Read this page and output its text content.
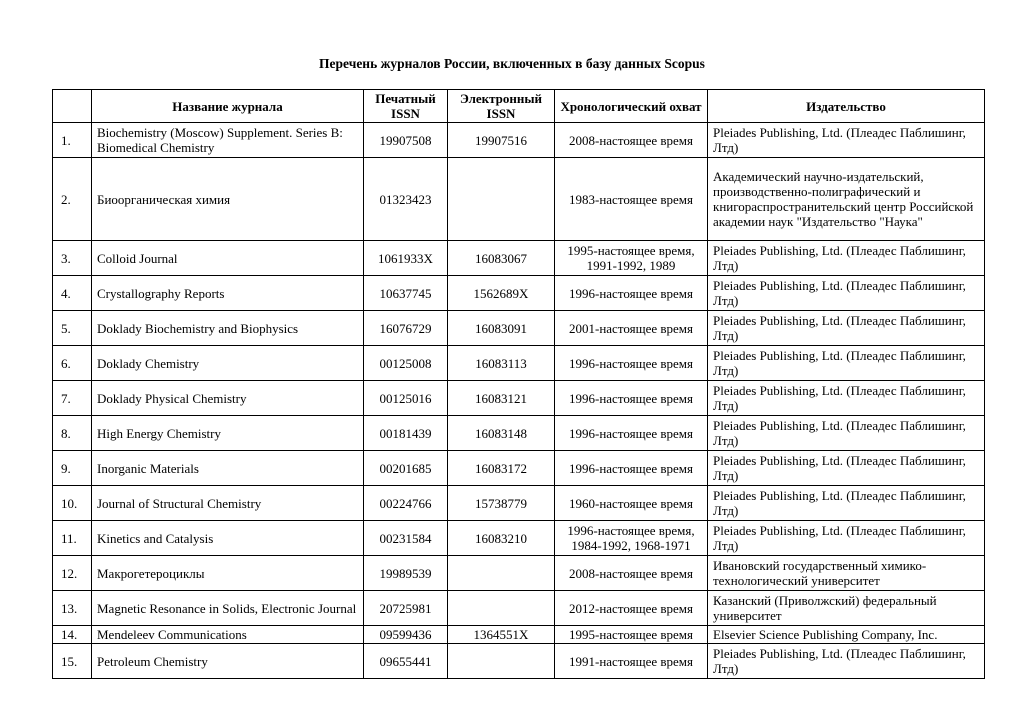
Перечень журналов России, включенных в базу данных Scopus
	Название журнала	Печатный ISSN	Электронный ISSN	Хронологический охват	Издательство
1.	Biochemistry (Moscow) Supplement. Series B: Biomedical Chemistry	19907508	19907516	2008-настоящее время	Pleiades Publishing, Ltd. (Плеадес Паблишинг, Лтд)
2.	Биоорганическая химия	01323423		1983-настоящее время	Академический научно-издательский, производственно-полиграфический и книгораспространительский центр Российской академии наук "Издательство "Наука"
3.	Colloid Journal	1061933X	16083067	1995-настоящее время, 1991-1992, 1989	Pleiades Publishing, Ltd. (Плеадес Паблишинг, Лтд)
4.	Crystallography Reports	10637745	1562689X	1996-настоящее время	Pleiades Publishing, Ltd. (Плеадес Паблишинг, Лтд)
5.	Doklady Biochemistry and Biophysics	16076729	16083091	2001-настоящее время	Pleiades Publishing, Ltd. (Плеадес Паблишинг, Лтд)
6.	Doklady Chemistry	00125008	16083113	1996-настоящее время	Pleiades Publishing, Ltd. (Плеадес Паблишинг, Лтд)
7.	Doklady Physical Chemistry	00125016	16083121	1996-настоящее время	Pleiades Publishing, Ltd. (Плеадес Паблишинг, Лтд)
8.	High Energy Chemistry	00181439	16083148	1996-настоящее время	Pleiades Publishing, Ltd. (Плеадес Паблишинг, Лтд)
9.	Inorganic Materials	00201685	16083172	1996-настоящее время	Pleiades Publishing, Ltd. (Плеадес Паблишинг, Лтд)
10.	Journal of Structural Chemistry	00224766	15738779	1960-настоящее время	Pleiades Publishing, Ltd. (Плеадес Паблишинг, Лтд)
11.	Kinetics and Catalysis	00231584	16083210	1996-настоящее время, 1984-1992, 1968-1971	Pleiades Publishing, Ltd. (Плеадес Паблишинг, Лтд)
12.	Макрогетероциклы	19989539		2008-настоящее время	Ивановский государственный химико-технологический университет
13.	Magnetic Resonance in Solids, Electronic Journal	20725981		2012-настоящее время	Казанский (Приволжский) федеральный университет
14.	Mendeleev Communications	09599436	1364551X	1995-настоящее время	Elsevier Science Publishing Company, Inc.
15.	Petroleum Chemistry	09655441		1991-настоящее время	Pleiades Publishing, Ltd. (Плеадес Паблишинг, Лтд)
